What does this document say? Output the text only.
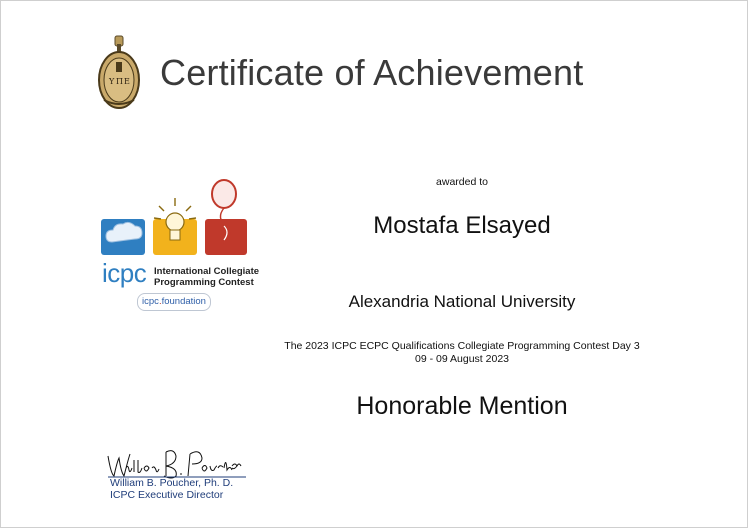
Υ Π Ε Certificate of Achievement
icpc International Collegiate
Programming Contest
icpc.foundation
awarded to
Mostafa Elsayed
Alexandria National University
The 2023 ICPC ECPC Qualifications Collegiate Programming Contest Day 3
09 - 09 August 2023
Honorable Mention
William B. Poucher, Ph. D.
ICPC Executive Director
